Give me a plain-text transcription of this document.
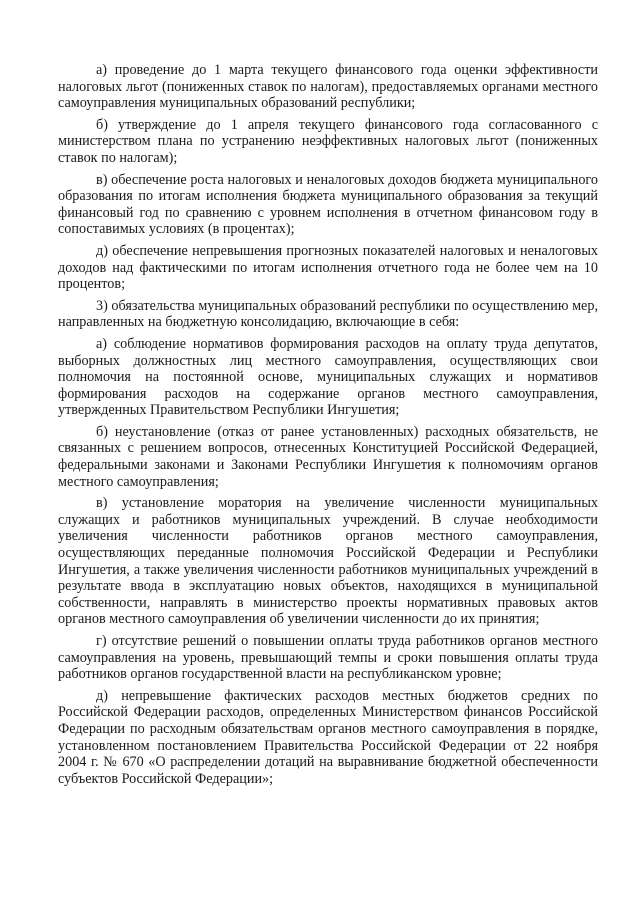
а) проведение до 1 марта текущего финансового года оценки эффективности налоговых льгот (пониженных ставок по налогам), предоставляемых органами местного самоуправления муниципальных образований республики;

б) утверждение до 1 апреля текущего финансового года согласованного с министерством плана по устранению неэффективных налоговых льгот (пониженных ставок по налогам);

в) обеспечение роста налоговых и неналоговых доходов бюджета муниципального образования по итогам исполнения бюджета муниципального образования за текущий финансовый год по сравнению с уровнем исполнения в отчетном финансовом году в сопоставимых условиях (в процентах);

д) обеспечение непревышения прогнозных показателей налоговых и неналоговых доходов над фактическими по итогам исполнения отчетного года не более чем на 10 процентов;

3) обязательства муниципальных образований республики по осуществлению мер, направленных на бюджетную консолидацию, включающие в себя:

а) соблюдение нормативов формирования расходов на оплату труда депутатов, выборных должностных лиц местного самоуправления, осуществляющих свои полномочия на постоянной основе, муниципальных служащих и нормативов формирования расходов на содержание органов местного самоуправления, утвержденных Правительством Республики Ингушетия;

б) неустановление (отказ от ранее установленных) расходных обязательств, не связанных с решением вопросов, отнесенных Конституцией Российской Федерацией, федеральными законами и Законами Республики Ингушетия к полномочиям органов местного самоуправления;

в) установление моратория на увеличение численности муниципальных служащих и работников муниципальных учреждений. В случае необходимости увеличения численности работников органов местного самоуправления, осуществляющих переданные полномочия Российской Федерации и Республики Ингушетия, а также увеличения численности работников муниципальных учреждений в результате ввода в эксплуатацию новых объектов, находящихся в муниципальной собственности, направлять в министерство проекты нормативных правовых актов органов местного самоуправления об увеличении численности до их принятия;

г) отсутствие решений о повышении оплаты труда работников органов местного самоуправления на уровень, превышающий темпы и сроки повышения оплаты труда работников органов государственной власти на республиканском уровне;

д) непревышение фактических расходов местных бюджетов средних по Российской Федерации расходов, определенных Министерством финансов Российской Федерации по расходным обязательствам органов местного самоуправления в порядке, установленном постановлением Правительства Российской Федерации от 22 ноября 2004 г. № 670 «О распределении дотаций на выравнивание бюджетной обеспеченности субъектов Российской Федерации»;
